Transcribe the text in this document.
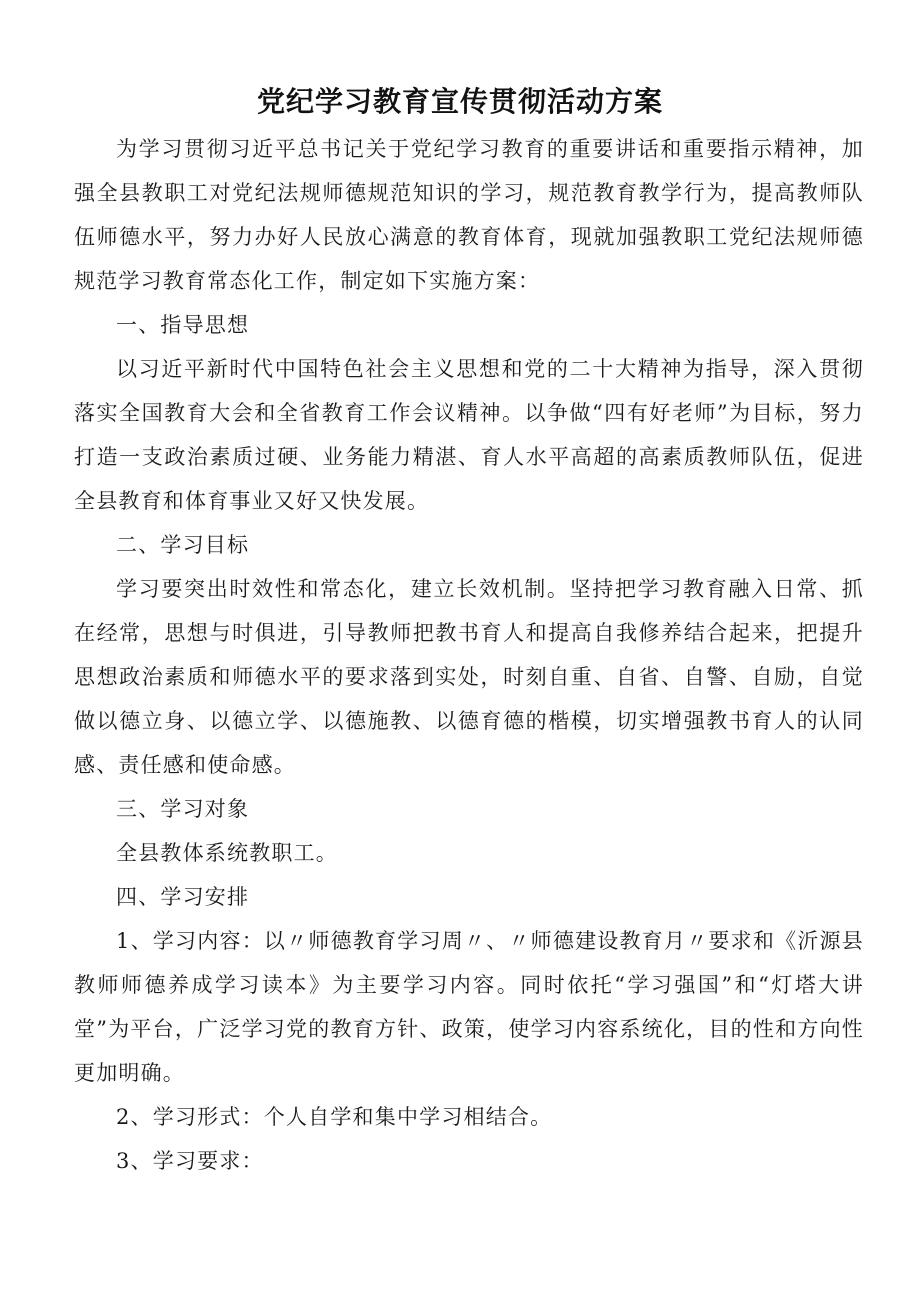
党纪学习教育宣传贯彻活动方案

为学习贯彻习近平总书记关于党纪学习教育的重要讲话和重要指示精神，加强全县教职工对党纪法规师德规范知识的学习，规范教育教学行为，提高教师队伍师德水平，努力办好人民放心满意的教育体育，现就加强教职工党纪法规师德规范学习教育常态化工作，制定如下实施方案：

一、指导思想

以习近平新时代中国特色社会主义思想和党的二十大精神为指导，深入贯彻落实全国教育大会和全省教育工作会议精神。以争做“四有好老师”为目标，努力打造一支政治素质过硬、业务能力精湛、育人水平高超的高素质教师队伍，促进全县教育和体育事业又好又快发展。

二、学习目标

学习要突出时效性和常态化，建立长效机制。坚持把学习教育融入日常、抓在经常，思想与时俱进，引导教师把教书育人和提高自我修养结合起来，把提升思想政治素质和师德水平的要求落到实处，时刻自重、自省、自警、自励，自觉做以德立身、以德立学、以德施教、以德育德的楷模，切实增强教书育人的认同感、责任感和使命感。

三、学习对象

全县教体系统教职工。

四、学习安排

1、学习内容：以〃师德教育学习周〃、〃师德建设教育月〃要求和《沂源县教师师德养成学习读本》为主要学习内容。同时依托“学习强国”和“灯塔大讲堂”为平台，广泛学习党的教育方针、政策，使学习内容系统化，目的性和方向性更加明确。

2、学习形式：个人自学和集中学习相结合。

3、学习要求：
